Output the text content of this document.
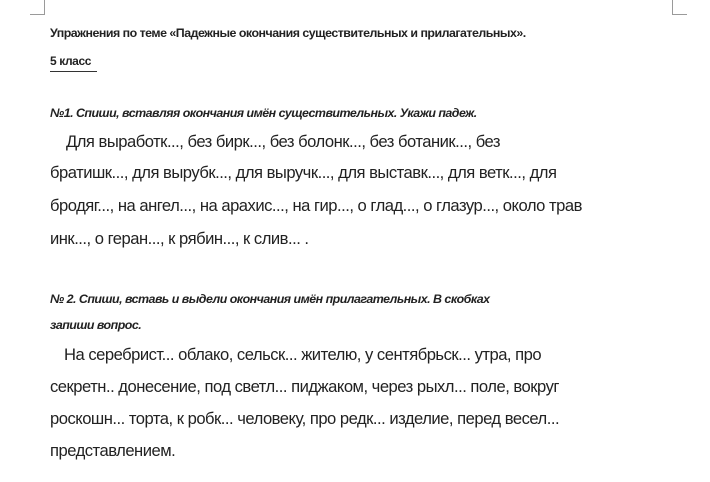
Упражнения по теме «Падежные окончания существительных и прилагательных».
5 класс
№1. Спиши, вставляя окончания имён существительных. Укажи падеж.
Для выработк..., без бирк..., без болонк..., без ботаник..., без
братишк..., для вырубк..., для выручк..., для выставк..., для ветк..., для
бродяг..., на ангел..., на арахис..., на гир..., о глад..., о глазур..., около трав
инк..., о геран..., к рябин..., к слив... .
№ 2. Спиши, вставь и выдели окончания имён прилагательных. В скобках
запиши вопрос.
На серебрист... облако, сельск... жителю, у сентябрьск... утра, про
секретн.. донесение, под светл... пиджаком, через рыхл... поле, вокруг
роскошн... торта, к робк... человеку, про редк... изделие, перед весел...
представлением.
